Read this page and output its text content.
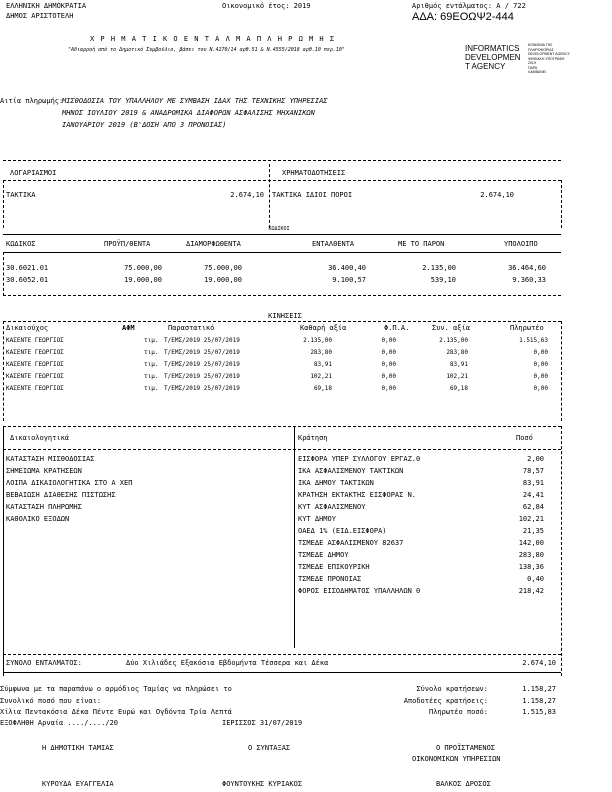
ΕΛΛΗΝΙΚΗ ΔΗΜΟΚΡΑΤΙΑ
ΔΗΜΟΣ ΑΡΙΣΤΟΤΕΛΗ
Οικονομικό έτος: 2019	Αριθμός εντάλματος: Α / 722
ΑΔΑ: 69ΕΟΩΨ2-444
Χ Ρ Η Μ Α Τ Ι Κ Ο Ε Ν Τ Α Λ Μ Α Π Λ Η Ρ Ω Μ Η Σ
"Αδιαρροή από το Δημοτικό Συμβούλιο, βάσει του Ν.4270/14 αρθ.51 & Ν.4555/2018 αρθ.10 περ.10"	INFORMATICS
DEVELOPMEN
T AGENCY
ΚΟΙΝΩΝΙΑ ΤΗΣ
ΠΛΗΡΟΦΟΡΙΑΣ
DEVELOPMENT AGENCY
ΨΗΦΙΑΚΗ ΥΠΟΓΡΑΦΗ
2019
ΠΑΡΑ
ΛΑΜΒΑΝΕΙ
Αιτία πληρωμής:
ΜΙΣΘΟΔΟΣΙΑ ΤΟΥ ΥΠΑΛΛΗΛΟΥ ΜΕ ΣΥΜΒΑΣΗ ΙΔΑΧ ΤΗΣ ΤΕΧΝΙΚΗΣ ΥΠΗΡΕΣΙΑΣ
ΜΗΝΟΣ ΙΟΥΛΙΟΥ 2019 & ΑΝΑΔΡΟΜΙΚΑ ΔΙΑΦΟΡΩΝ ΑΣΦΑΛΙΣΗΣ ΜΗΧΑΝΙΚΩΝ
ΙΑΝΟΥΑΡΙΟΥ 2019 (Β'ΔΟΣΗ ΑΠΟ 3 ΠΡΟΝΟΙΑΣ)
ΛΟΓΑΡΙΑΣΜΟΙ	ΧΡΗΜΑΤΟΔΟΤΗΣΕΙΣ
ΤΑΚΤΙΚΑ	2.674,10 ΤΑΚΤΙΚΑ ΙΔΙΟΙ ΠΟΡΟΙ	2.674,10
ΚΩΔΙΚΟΙ
ΚΩΔΙΚΟΣ	ΠΡΟΫΠ/ΘΕΝΤΑ	ΔΙΑΜΟΡΦΩΘΕΝΤΑ	ΕΝΤΑΛΘΕΝΤΑ	ΜΕ ΤΟ ΠΑΡΟΝ	ΥΠΟΛΟΙΠΟ
30.6021.01	75.000,00	75.000,00	36.400,40	2.135,00	36.464,60
30.6052.01	19.000,00	19.000,00	9.100,57	539,10	9.360,33
ΚΙΝΗΣΕΙΣ
Δικαιούχος	ΑΦΜ	Παραστατικό	Καθαρή αξία	Φ.Π.Α.	Συν. αξία	Πληρωτέο
ΚΑΣΕΝΤΕ ΓΕΩΡΓΙΟΣ	τιμ. Τ/ΕΜΣ/2019 25/07/2019	2.135,00	0,00	2.135,00	1.515,63
ΚΑΣΕΝΤΕ ΓΕΩΡΓΙΟΣ	τιμ. Τ/ΕΜΣ/2019 25/07/2019	283,80	0,00	283,80	0,00
ΚΑΣΕΝΤΕ ΓΕΩΡΓΙΟΣ	τιμ. Τ/ΕΜΣ/2019 25/07/2019	83,91	0,00	83,91	0,00
ΚΑΣΕΝΤΕ ΓΕΩΡΓΙΟΣ	τιμ. Τ/ΕΜΣ/2019 25/07/2019	102,21	0,00	102,21	0,00
ΚΑΣΕΝΤΕ ΓΕΩΡΓΙΟΣ	τιμ. Τ/ΕΜΣ/2019 25/07/2019	69,18	0,00	69,18	0,00
Δικαιολογητικά	Κράτηση	Ποσό
ΚΑΤΑΣΤΑΣΗ ΜΙΣΘΟΔΟΣΙΑΣ
ΣΗΜΕΙΩΜΑ ΚΡΑΤΗΣΕΩΝ
ΛΟΙΠΑ ΔΙΚΑΙΟΛΟΓΗΤΙΚΑ ΣΤΟ Α ΧΕΠ
ΒΕΒΑΙΩΣΗ ΔΙΑΘΕΣΗΣ ΠΙΣΤΩΣΗΣ
ΚΑΤΑΣΤΑΣΗ ΠΛΗΡΩΜΗΣ
ΚΑΘΟΛΙΚΟ ΕΞΟΔΩΝ
ΕΙΣΦΟΡΑ ΥΠΕΡ ΣΥΛΛΟΓΟΥ ΕΡΓΑΖ.0	2,00
ΙΚΑ ΑΣΦΑΛΙΣΜΕΝΟΥ ΤΑΚΤΙΚΩΝ	78,57
ΙΚΑ ΔΗΜΟΥ ΤΑΚΤΙΚΩΝ	83,91
ΚΡΑΤΗΣΗ ΕΚΤΑΚΤΗΣ ΕΙΣΦΟΡΑΣ Ν.	24,41
ΚΥΤ ΑΣΦΑΛΙΣΜΕΝΟΥ	62,84
ΚΥΤ ΔΗΜΟΥ	102,21
ΟΑΕΔ 1% (ΕΙΔ.ΕΙΣΦΟΡΑ)	21,35
ΤΣΜΕΔΕ ΑΣΦΑΛΙΣΜΕΝΟΥ 82637	142,00
ΤΣΜΕΔΕ ΔΗΜΟΥ	283,80
ΤΣΜΕΔΕ ΕΠΙΚΟΥΡΙΚΗ	138,36
ΤΣΜΕΔΕ ΠΡΟΝΟΙΑΣ	0,40
ΦΟΡΟΣ ΕΙΣΟΔΗΜΑΤΟΣ ΥΠΑΛΛΗΛΩΝ 0	218,42
ΣΥΝΟΛΟ ΕΝΤΑΛΜΑΤΟΣ:	Δύο Χιλιάδες Εξακόσια Εβδομήντα Τέσσερα και Δέκα	2.674,10
Σύμφωνα με τα παραπάνω ο αρμόδιος Ταμίας να πληρώσει το
Συνολικό ποσό που είναι:
Χίλια Πεντακόσια Δέκα Πέντε Ευρώ και Ογδόντα Τρία Λεπτά
ΕΞΟΦΛΗΘΗ Αρναία ..../..../20	ΙΕΡΙΣΣΟΣ 31/07/2019
Σύνολο κρατήσεων:	1.158,27
Αποδοτέες κρατήσεις:	1.158,27
Πληρωτέο ποσό:	1.515,83
Η ΔΗΜΟΤΙΚΗ ΤΑΜΙΑΣ	Ο ΣΥΝΤΑΞΑΣ	Ο ΠΡΟΪΣΤΑΜΕΝΟΣ
ΟΙΚΟΝΟΜΙΚΩΝ ΥΠΗΡΕΣΙΩΝ
ΚΥΡΟΥΔΑ ΕΥΑΓΓΕΛΙΑ	ΦΟΥΝΤΟΥΚΗΣ ΚΥΡΙΑΚΟΣ	ΒΑΛΚΟΣ ΔΡΟΣΟΣ
